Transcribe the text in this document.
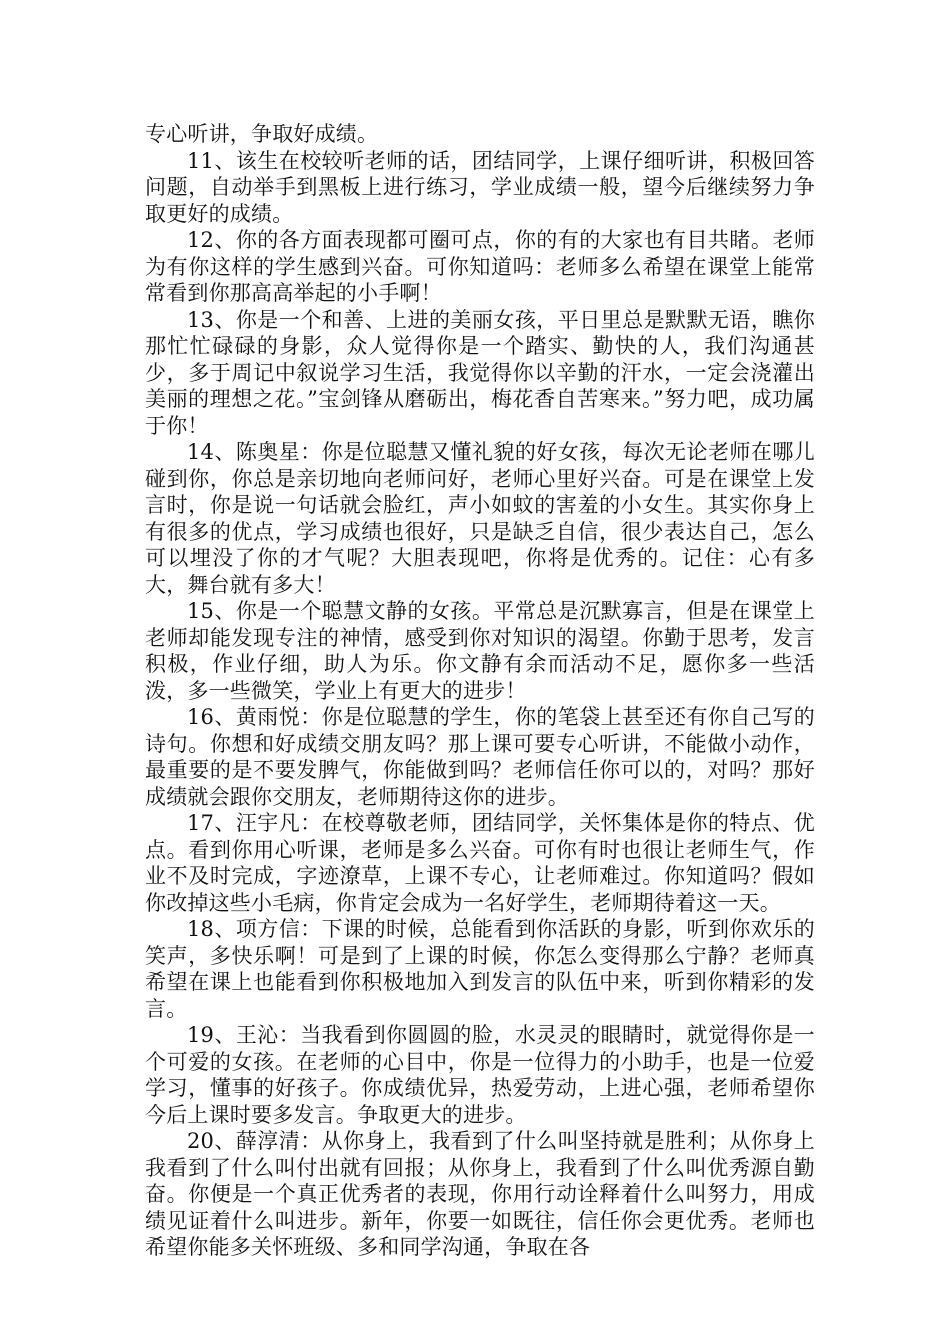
专心听讲，争取好成绩。

11、该生在校较听老师的话，团结同学，上课仔细听讲，积极回答问题，自动举手到黑板上进行练习，学业成绩一般，望今后继续努力争取更好的成绩。

12、你的各方面表现都可圈可点，你的有的大家也有目共睹。老师为有你这样的学生感到兴奋。可你知道吗：老师多么希望在课堂上能常常看到你那高高举起的小手啊！

13、你是一个和善、上进的美丽女孩，平日里总是默默无语，瞧你那忙忙碌碌的身影，众人觉得你是一个踏实、勤快的人，我们沟通甚少，多于周记中叙说学习生活，我觉得你以辛勤的汗水，一定会浇灌出美丽的理想之花。”宝剑锋从磨砺出，梅花香自苦寒来。”努力吧，成功属于你！

14、陈奥星：你是位聪慧又懂礼貌的好女孩，每次无论老师在哪儿碰到你，你总是亲切地向老师问好，老师心里好兴奋。可是在课堂上发言时，你是说一句话就会脸红，声小如蚊的害羞的小女生。其实你身上有很多的优点，学习成绩也很好，只是缺乏自信，很少表达自己，怎么可以埋没了你的才气呢？大胆表现吧，你将是优秀的。记住：心有多大，舞台就有多大！

15、你是一个聪慧文静的女孩。平常总是沉默寡言，但是在课堂上老师却能发现专注的神情，感受到你对知识的渴望。你勤于思考，发言积极，作业仔细，助人为乐。你文静有余而活动不足，愿你多一些活泼，多一些微笑，学业上有更大的进步！

16、黄雨悦：你是位聪慧的学生，你的笔袋上甚至还有你自己写的诗句。你想和好成绩交朋友吗？那上课可要专心听讲，不能做小动作，最重要的是不要发脾气，你能做到吗？老师信任你可以的，对吗？那好成绩就会跟你交朋友，老师期待这你的进步。

17、汪宇凡：在校尊敬老师，团结同学，关怀集体是你的特点、优点。看到你用心听课，老师是多么兴奋。可你有时也很让老师生气，作业不及时完成，字迹潦草，上课不专心，让老师难过。你知道吗？假如你改掉这些小毛病，你肯定会成为一名好学生，老师期待着这一天。

18、项方信：下课的时候，总能看到你活跃的身影，听到你欢乐的笑声，多快乐啊！可是到了上课的时候，你怎么变得那么宁静？老师真希望在课上也能看到你积极地加入到发言的队伍中来，听到你精彩的发言。

19、王沁：当我看到你圆圆的脸，水灵灵的眼睛时，就觉得你是一个可爱的女孩。在老师的心目中，你是一位得力的小助手，也是一位爱学习，懂事的好孩子。你成绩优异，热爱劳动，上进心强，老师希望你今后上课时要多发言。争取更大的进步。

20、薛淳清：从你身上，我看到了什么叫坚持就是胜利；从你身上我看到了什么叫付出就有回报；从你身上，我看到了什么叫优秀源自勤奋。你便是一个真正优秀者的表现，你用行动诠释着什么叫努力，用成绩见证着什么叫进步。新年，你要一如既往，信任你会更优秀。老师也希望你能多关怀班级、多和同学沟通，争取在各
